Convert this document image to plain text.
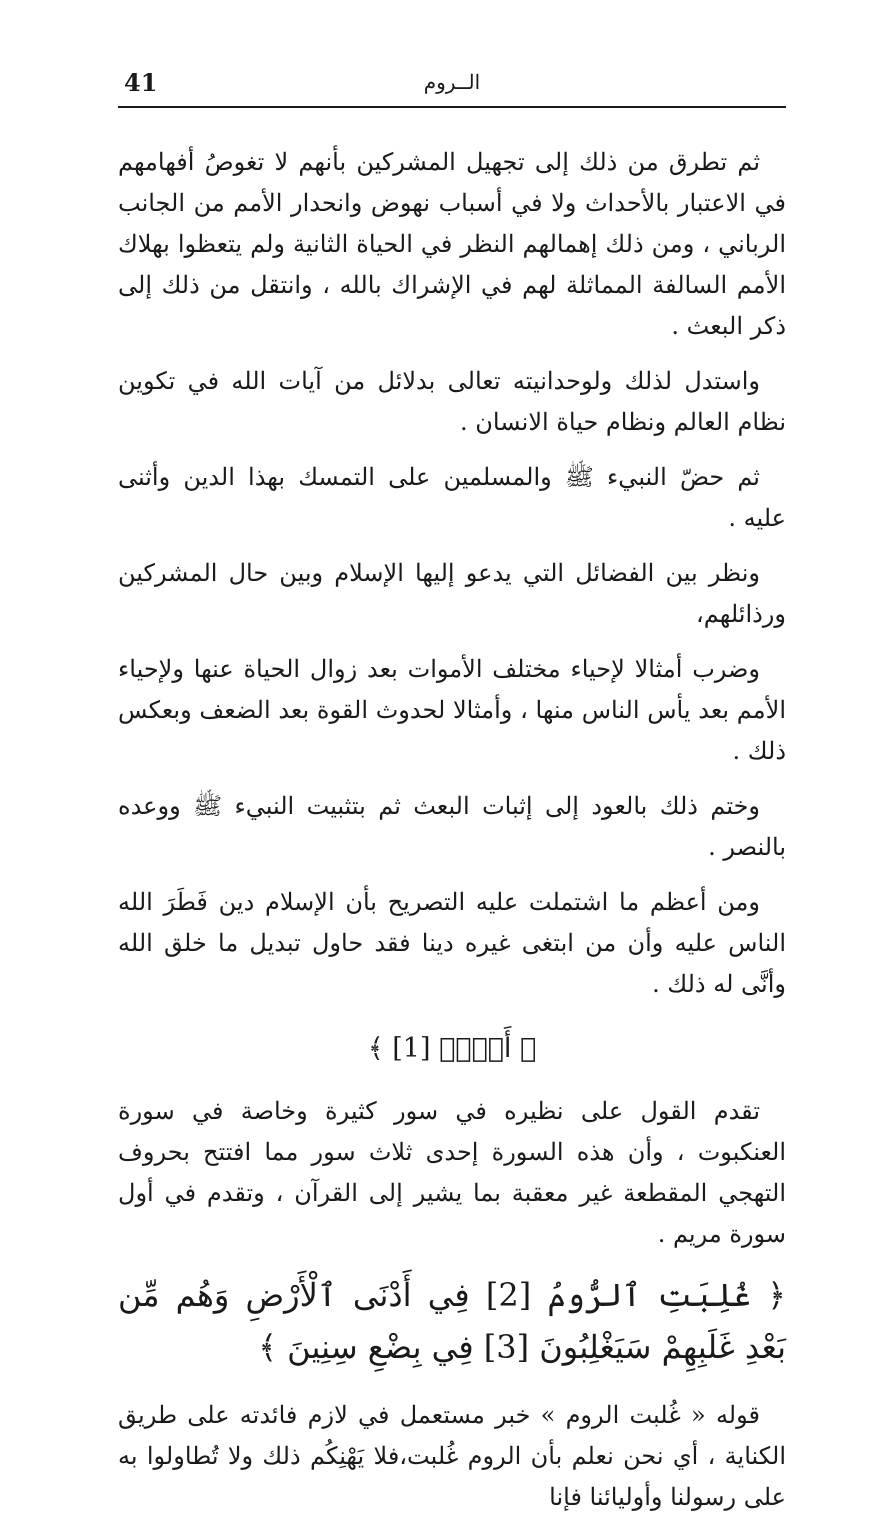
الــروم
41

ثم تطرق من ذلك إلى تجهيل المشركين بأنهم لا تغوصُ أفهامهم في الاعتبار بالأحداث ولا في أسباب نهوض وانحدار الأمم من الجانب الرباني ، ومن ذلك إهمالهم النظر في الحياة الثانية ولم يتعظوا بهلاك الأمم السالفة المماثلة لهم في الإشراك بالله ، وانتقل من ذلك إلى ذكر البعث .

واستدل لذلك ولوحدانيته تعالى بدلائل من آيات الله في تكوين نظام العالم ونظام حياة الانسان .

ثم حضّ النبيء ﷺ والمسلمين على التمسك بهذا الدين وأثنى عليه .

ونظر بين الفضائل التي يدعو إليها الإسلام وبين حال المشركين ورذائلهم،

وضرب أمثالا لإحياء مختلف الأموات بعد زوال الحياة عنها ولإحياء الأمم بعد يأس الناس منها ، وأمثالا لحدوث القوة بعد الضعف وبعكس ذلك .

وختم ذلك بالعود إلى إثبات البعث ثم بتثبيت النبيء ﷺ ووعده بالنصر .

ومن أعظم ما اشتملت عليه التصريح بأن الإسلام دين فَطَرَ الله الناس عليه وأن من ابتغى غيره دينا فقد حاول تبديل ما خلق الله وأنَّى له ذلك .

﴿ أَلۤمۤ [1] ﴾

تقدم القول على نظيره في سور كثيرة وخاصة في سورة العنكبوت ، وأن هذه السورة إحدى ثلاث سور مما افتتح بحروف التهجي المقطعة غير معقبة بما يشير إلى القرآن ، وتقدم في أول سورة مريم .

﴿ غُلِبَتِ ٱلرُّومُ [2] فِي أَدْنَى ٱلْأَرْضِ وَهُم مِّن بَعْدِ غَلَبِهِمْ سَيَغْلِبُونَ [3] فِي بِضْعِ سِنِينَ ﴾

قوله « غُلبت الروم » خبر مستعمل في لازم فائدته على طريق الكناية ، أي نحن نعلم بأن الروم غُلبت،فلا يَهْنِكُم ذلك ولا تُطاولوا به على رسولنا وأوليائنا فإنا
